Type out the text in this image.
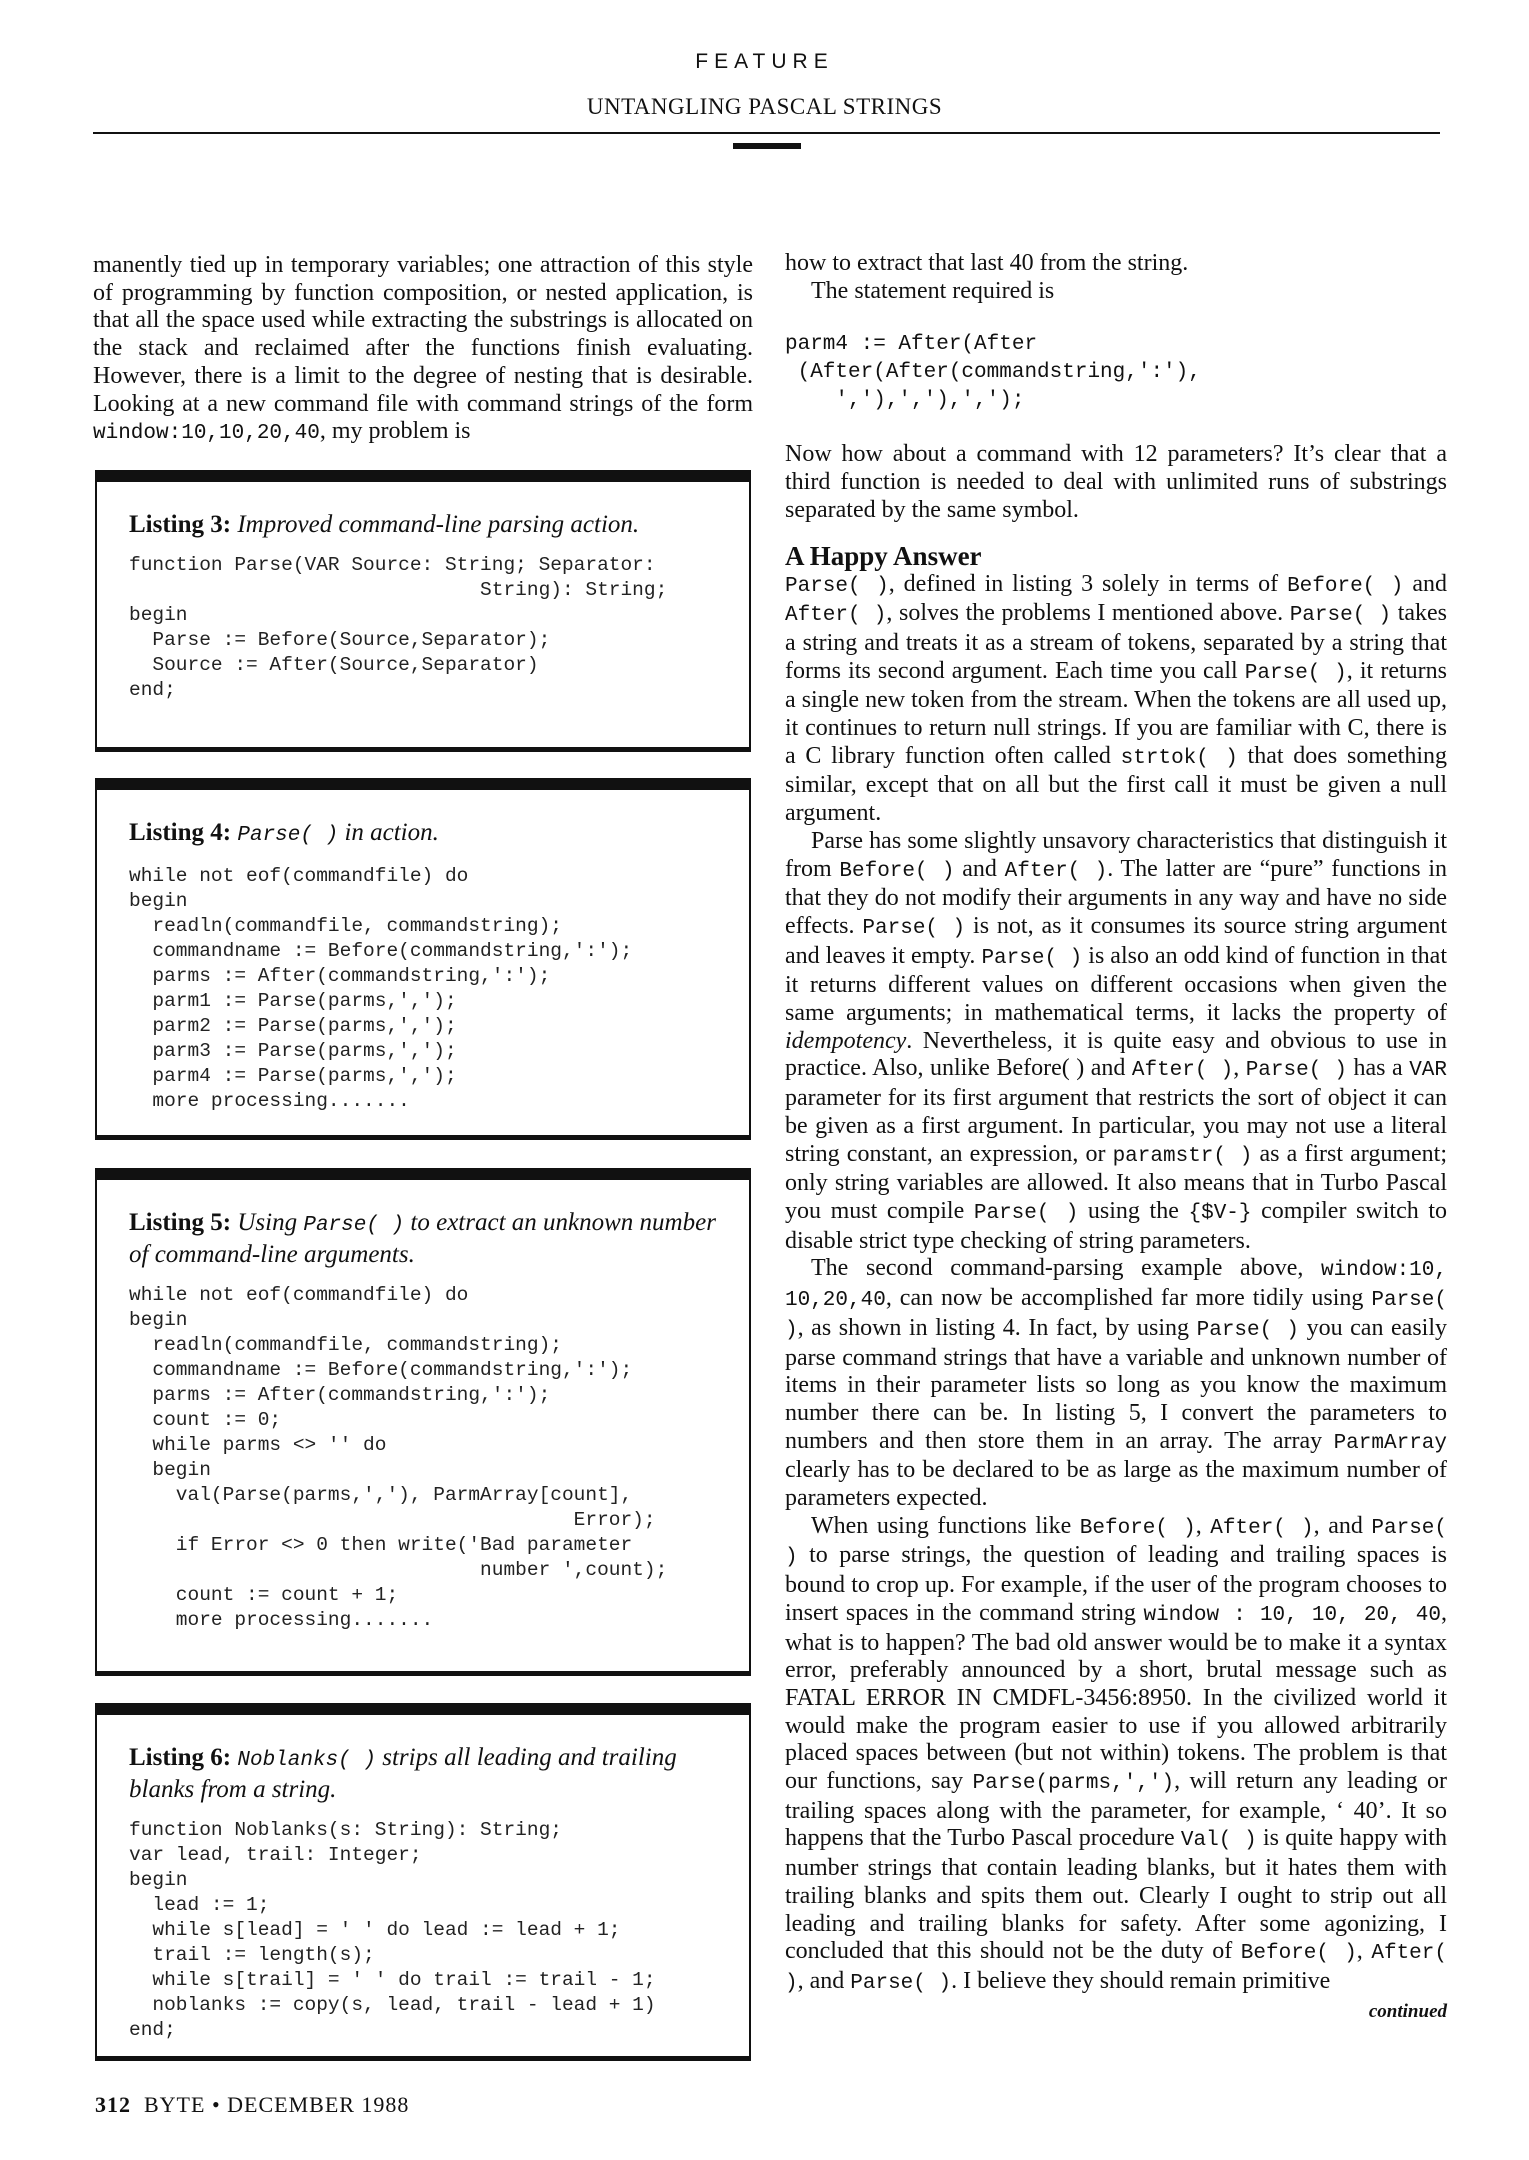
FEATURE
UNTANGLING PASCAL STRINGS

manently tied up in temporary variables; one attraction of this style of programming by function composition, or nested application, is that all the space used while extracting the substrings is allocated on the stack and reclaimed after the functions finish evaluating. However, there is a limit to the degree of nesting that is desirable. Looking at a new command file with command strings of the form window:10,10,20,40, my problem is

Listing 3: Improved command-line parsing action.
function Parse(VAR Source: String; Separator:
String): String;
begin
Parse := Before(Source,Separator);
Source := After(Source,Separator)
end;
Listing 4: Parse( ) in action.
while not eof(commandfile) do
begin
readln(commandfile, commandstring);
commandname := Before(commandstring,':');
parms := After(commandstring,':');
parm1 := Parse(parms,',');
parm2 := Parse(parms,',');
parm3 := Parse(parms,',');
parm4 := Parse(parms,',');
more processing.......
Listing 5: Using Parse( ) to extract an unknown number of command-line arguments.
while not eof(commandfile) do
begin
readln(commandfile, commandstring);
commandname := Before(commandstring,':');
parms := After(commandstring,':');
count := 0;
while parms <> '' do
begin
val(Parse(parms,','), ParmArray[count],
Error);
if Error <> 0 then write('Bad parameter
number ',count);
count := count + 1;
more processing.......
Listing 6: Noblanks( ) strips all leading and trailing blanks from a string.
function Noblanks(s: String): String;
var lead, trail: Integer;
begin
lead := 1;
while s[lead] = ' ' do lead := lead + 1;
trail := length(s);
while s[trail] = ' ' do trail := trail - 1;
noblanks := copy(s, lead, trail - lead + 1)
end;

how to extract that last 40 from the string.

The statement required is

parm4 := After(After
(After(After(commandstring,':'),
','),','),',');

Now how about a command with 12 parameters? It’s clear that a third function is needed to deal with unlimited runs of substrings separated by the same symbol.

A Happy Answer

Parse( ), defined in listing 3 solely in terms of Before( ) and After( ), solves the problems I mentioned above. Parse( ) takes a string and treats it as a stream of tokens, separated by a string that forms its second argument. Each time you call Parse( ), it returns a single new token from the stream. When the tokens are all used up, it continues to return null strings. If you are familiar with C, there is a C library function often called strtok( ) that does something similar, except that on all but the first call it must be given a null argument.

Parse has some slightly unsavory characteristics that distinguish it from Before( ) and After( ). The latter are “pure” functions in that they do not modify their arguments in any way and have no side effects. Parse( ) is not, as it consumes its source string argument and leaves it empty. Parse( ) is also an odd kind of function in that it returns different values on different occasions when given the same arguments; in mathematical terms, it lacks the property of idempotency. Nevertheless, it is quite easy and obvious to use in practice. Also, unlike Before( ) and After( ), Parse( ) has a VAR parameter for its first argument that restricts the sort of object it can be given as a first argument. In particular, you may not use a literal string constant, an expression, or paramstr( ) as a first argument; only string variables are allowed. It also means that in Turbo Pascal you must compile Parse( ) using the {$V-} compiler switch to disable strict type checking of string parameters.

The second command-parsing example above, window:10, 10,20,40, can now be accomplished far more tidily using Parse( ), as shown in listing 4. In fact, by using Parse( ) you can easily parse command strings that have a variable and unknown number of items in their parameter lists so long as you know the maximum number there can be. In listing 5, I convert the parameters to numbers and then store them in an array. The array ParmArray clearly has to be declared to be as large as the maximum number of parameters expected.

When using functions like Before( ), After( ), and Parse( ) to parse strings, the question of leading and trailing spaces is bound to crop up. For example, if the user of the program chooses to insert spaces in the command string window : 10, 10, 20, 40, what is to happen? The bad old answer would be to make it a syntax error, preferably announced by a short, brutal message such as FATAL ERROR IN CMDFL-3456:8950. In the civilized world it would make the program easier to use if you allowed arbitrarily placed spaces between (but not within) tokens. The problem is that our functions, say Parse(parms,','), will return any leading or trailing spaces along with the parameter, for example, ‘ 40’. It so happens that the Turbo Pascal procedure Val( ) is quite happy with number strings that contain leading blanks, but it hates them with trailing blanks and spits them out. Clearly I ought to strip out all leading and trailing blanks for safety. After some agonizing, I concluded that this should not be the duty of Before( ), After( ), and Parse( ). I believe they should remain primitive

continued
312 BYTE • DECEMBER 1988
